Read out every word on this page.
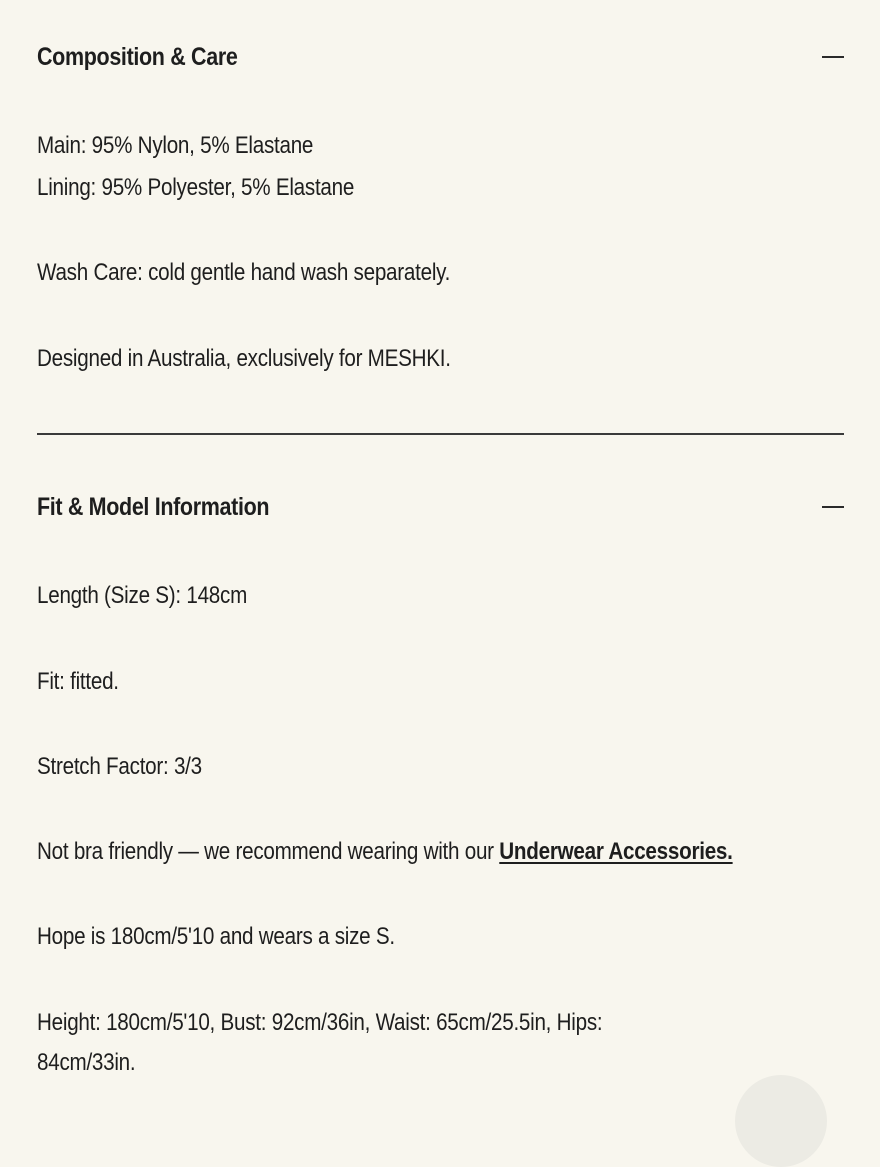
Composition & Care
Main: 95% Nylon, 5% Elastane
Lining: 95% Polyester, 5% Elastane
Wash Care: cold gentle hand wash separately.
Designed in Australia, exclusively for MESHKI.
Fit & Model Information
Length (Size S): 148cm
Fit: fitted.
Stretch Factor: 3/3
Not bra friendly — we recommend wearing with our Underwear Accessories.
Hope is 180cm/5'10 and wears a size S.
Height: 180cm/5'10, Bust: 92cm/36in, Waist: 65cm/25.5in, Hips:
84cm/33in.
